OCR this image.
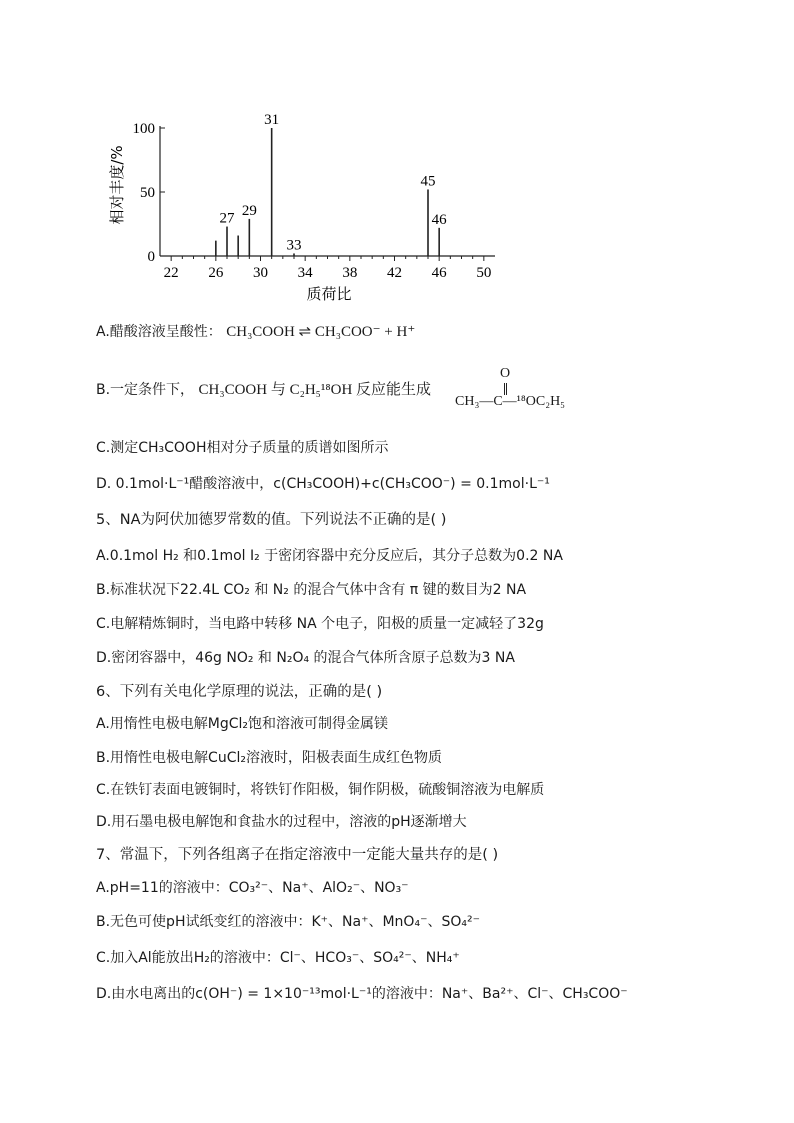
0
50
100
22 26 30 34 38 42 46 50
27 29
31
33
45
46
质荷比
相对丰度/%
A.醋酸溶液呈酸性： CH₃COOH ⇌ CH₃COO⁻ + H⁺
B.一定条件下， CH₃COOH 与 C₂H₅¹⁸OH 反应能生成
O
CH₃—C—¹⁸OC₂H₅
C.测定CH₃COOH相对分子质量的质谱如图所示
D. 0.1mol·L⁻¹醋酸溶液中，c(CH₃COOH)+c(CH₃COO⁻) = 0.1mol·L⁻¹
5、NA为阿伏加德罗常数的值。下列说法不正确的是( )
A.0.1mol H₂ 和0.1mol I₂ 于密闭容器中充分反应后，其分子总数为0.2 NA
B.标准状况下22.4L CO₂ 和 N₂ 的混合气体中含有 π 键的数目为2 NA
C.电解精炼铜时，当电路中转移 NA 个电子，阳极的质量一定减轻了32g
D.密闭容器中，46g NO₂ 和 N₂O₄ 的混合气体所含原子总数为3 NA
6、下列有关电化学原理的说法，正确的是( )
A.用惰性电极电解MgCl₂饱和溶液可制得金属镁
B.用惰性电极电解CuCl₂溶液时，阳极表面生成红色物质
C.在铁钉表面电镀铜时，将铁钉作阳极，铜作阴极，硫酸铜溶液为电解质
D.用石墨电极电解饱和食盐水的过程中，溶液的pH逐渐增大
7、常温下，下列各组离子在指定溶液中一定能大量共存的是( )
A.pH=11的溶液中：CO₃²⁻、Na⁺、AlO₂⁻、NO₃⁻
B.无色可使pH试纸变红的溶液中：K⁺、Na⁺、MnO₄⁻、SO₄²⁻
C.加入Al能放出H₂的溶液中：Cl⁻、HCO₃⁻、SO₄²⁻、NH₄⁺
D.由水电离出的c(OH⁻) = 1×10⁻¹³mol·L⁻¹的溶液中：Na⁺、Ba²⁺、Cl⁻、CH₃COO⁻
